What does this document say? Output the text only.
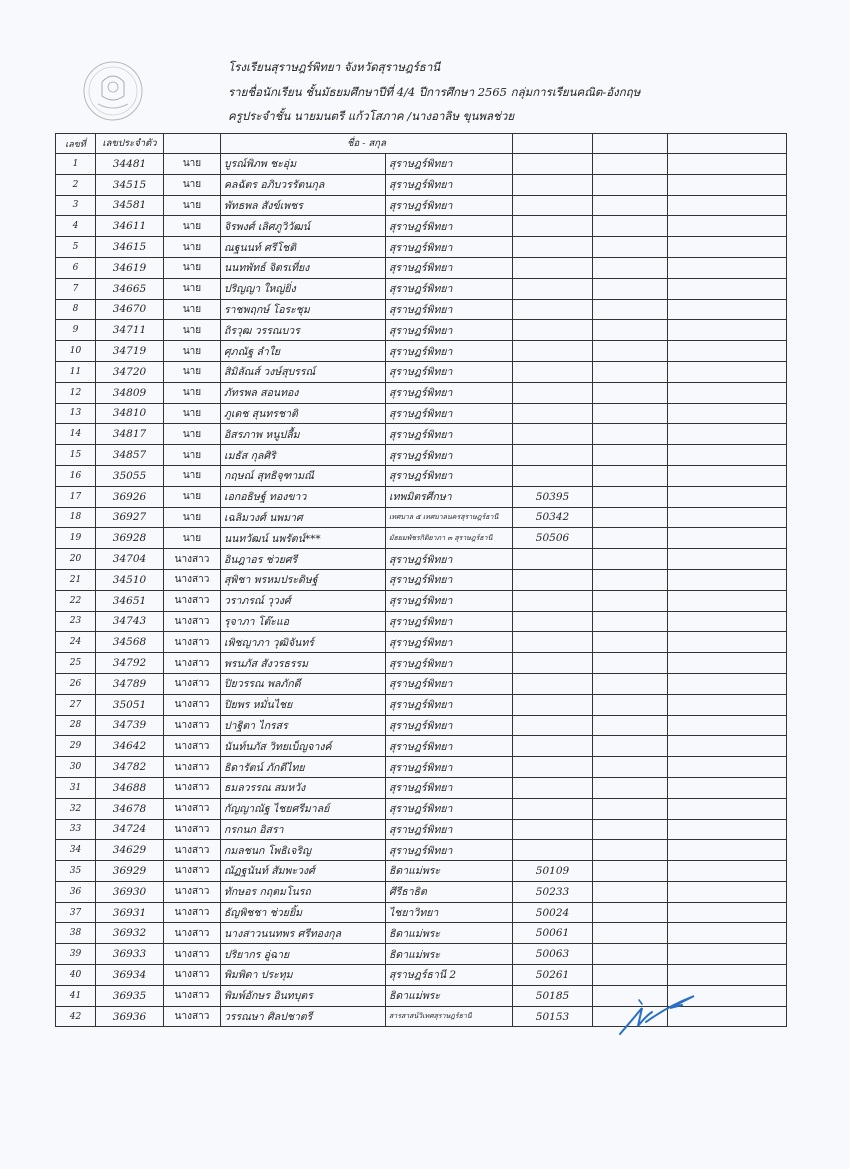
โรงเรียนสุราษฎร์พิทยา จังหวัดสุราษฎร์ธานี
รายชื่อนักเรียน ชั้นมัธยมศึกษาปีที่ 4/4 ปีการศึกษา 2565 กลุ่มการเรียนคณิต-อังกฤษ
ครูประจำชั้น นายมนตรี แก้วโสภาค /นางอาลิษ ขุนพลช่วย
เลขที่	เลขประจำตัว		ชื่อ - สกุล				
1	34481	นาย	บูรณ์พิภพ ชะอุ่ม	สุราษฎร์พิทยา			
2	34515	นาย	คลฉัตร อภิบวรรัตนกุล	สุราษฎร์พิทยา			
3	34581	นาย	พัทธพล สังข์เพชร	สุราษฎร์พิทยา			
4	34611	นาย	จิรพงศ์ เลิศภูวิวัฒน์	สุราษฎร์พิทยา			
5	34615	นาย	ณฐนนท์ ศรีโชติ	สุราษฎร์พิทยา			
6	34619	นาย	นนทพัทธ์ จิตรเที่ยง	สุราษฎร์พิทยา			
7	34665	นาย	ปริญญา ใหญ่ยิ่ง	สุราษฎร์พิทยา			
8	34670	นาย	ราชพฤกษ์ โอระชุม	สุราษฎร์พิทยา			
9	34711	นาย	ถิรวุฒ วรรณบวร	สุราษฎร์พิทยา			
10	34719	นาย	ศุภณัฐ ลำใย	สุราษฎร์พิทยา			
11	34720	นาย	สิมิลัณส์ วงษ์สุบรรณ์	สุราษฎร์พิทยา			
12	34809	นาย	ภัทรพล สอนทอง	สุราษฎร์พิทยา			
13	34810	นาย	ภูเดช สุนทรชาติ	สุราษฎร์พิทยา			
14	34817	นาย	อิสรภาพ หนูปลื้ม	สุราษฎร์พิทยา			
15	34857	นาย	เมธัส กุลศิริ	สุราษฎร์พิทยา			
16	35055	นาย	กฤษณ์ สุทธิจุฑามณี	สุราษฎร์พิทยา			
17	36926	นาย	เอกอธิษฐ์ ทองขาว	เทพมิตรศึกษา	50395		
18	36927	นาย	เฉลิมวงศ์ นพมาศ	เทศบาล ๕ เทศบาลนครสุราษฎร์ธานี	50342		
19	36928	นาย	นนทวัฒน์ นพรัตน์***	มัธยมพัชรกิติยาภา ๓ สุราษฎร์ธานี	50506		
20	34704	นางสาว	อินฎาอร ช่วยศรี	สุราษฎร์พิทยา			
21	34510	นางสาว	สุพิชา พรหมประดิษฐ์	สุราษฎร์พิทยา			
22	34651	นางสาว	วราภรณ์ วุวงศ์	สุราษฎร์พิทยา			
23	34743	นางสาว	รุจาภา โต๊ะแอ	สุราษฎร์พิทยา			
24	34568	นางสาว	เพิชญาภา วุฒิจันทร์	สุราษฎร์พิทยา			
25	34792	นางสาว	พรนภัส สังวรธรรม	สุราษฎร์พิทยา			
26	34789	นางสาว	ปิยวรรณ พลภักดี	สุราษฎร์พิทยา			
27	35051	นางสาว	ปิยพร หมั่นไชย	สุราษฎร์พิทยา			
28	34739	นางสาว	ปาฐิตา ไกรสร	สุราษฎร์พิทยา			
29	34642	นางสาว	นันท์นภัส วิทยเบ็ญจางค์	สุราษฎร์พิทยา			
30	34782	นางสาว	ธิดารัตน์ ภักดีไทย	สุราษฎร์พิทยา			
31	34688	นางสาว	ธมลวรรณ สมหวัง	สุราษฎร์พิทยา			
32	34678	นางสาว	กัญญาณัฐ ไชยศรีมาลย์	สุราษฎร์พิทยา			
33	34724	นางสาว	กรกนก อิสรา	สุราษฎร์พิทยา			
34	34629	นางสาว	กมลชนก โพธิเจริญ	สุราษฎร์พิทยา			
35	36929	นางสาว	ณัฏฐนันท์ สัมพะวงศ์	ธิดาแม่พระ	50109		
36	36930	นางสาว	ทักษอร กฤตมโนรถ	ศีรีธาธิต	50233		
37	36931	นางสาว	ธัญพิชชา ช่วยยิ้ม	ไชยาวิทยา	50024		
38	36932	นางสาว	นางสาวนนทพร ศรีทองกุล	ธิดาแม่พระ	50061		
39	36933	นางสาว	ปริยากร อู่ฉาย	ธิดาแม่พระ	50063		
40	36934	นางสาว	พิมพิดา ประทุม	สุราษฎร์ธานี 2	50261		
41	36935	นางสาว	พิมพ์อักษร อินทบุตร	ธิดาแม่พระ	50185		
42	36936	นางสาว	วรรณษา ศิลปชาตรี	สารสาสน์วิเทศสุราษฎร์ธานี	50153		
